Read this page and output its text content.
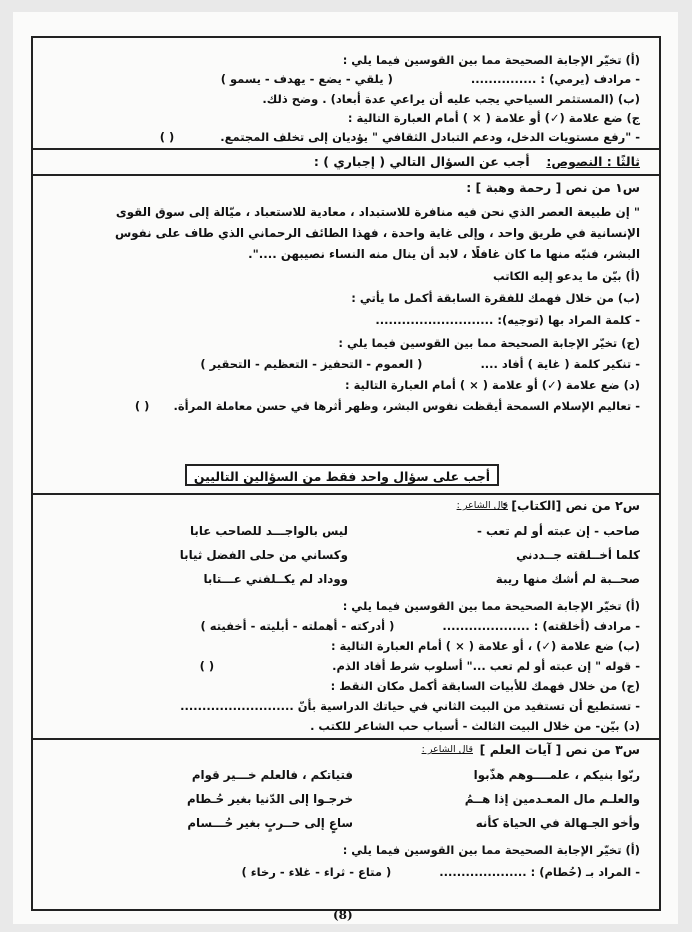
(أ) تخيّر الإجابة الصحيحة مما بين القوسين فيما يلي :
- مرادف (يرمي) : ...............  ( يلقي - يضع - يهدف - يسمو )
(ب) (المستثمر السياحي يجب عليه أن يراعي عدة أبعاد) . وضح ذلك.
ج) ضع علامة (✓) أو علامة ( × ) أمام العبارة التالية :
- "رفع مستويات الدخل، ودعم التبادل الثقافي " يؤديان إلى تخلف المجتمع.  ( )
ثالثًا : النصوص:  أجب عن السؤال التالي ( إجباري ) :
س١ من نص [ رحمة وهبة ] :
" إن طبيعة العصر الذي نحن فيه منافرة للاستبداد ، معادية للاستعباد ، ميّالة إلى سوق القوى
الإنسانية في طريق واحد ، وإلى غاية واحدة ، فهذا الطائف الرحماني الذي طاف على نفوس
البشر، فنبّه منها ما كان غافلًا ، لابد أن ينال منه النساء نصيبهن ....".
(أ) بيّن ما يدعو إليه الكاتب
(ب) من خلال فهمك للفقرة السابقة أكمل ما يأتي :
- كلمة المراد بها (توجيه): ...........................
(ج) تخيّر الإجابة الصحيحة مما بين القوسين فيما يلي :
- تنكير كلمة ( غاية ) أفاد ....  ( العموم - التحفيز - التعظيم - التحقير )
(د) ضع علامة (✓) أو علامة ( × ) أمام العبارة التالية :
- تعاليم الإسلام السمحة أيقظت نفوس البشر، وظهر أثرها في حسن معاملة المرأة.  ( )
أجب على سؤال واحد فقط من السؤالين التاليين
س٢ من نص [الكتاب] :
قال الشاعر :
صاحب - إن عبته أو لم تعب -
ليس بالواجـــد للصاحب عابا
كلما أخــلقته جــددني
وكساني من حلى الفضل ثيابا
صحــبة لم أشك منها ريبة
ووداد لم يكــلفني عـــتابا
(أ) تخيّر الإجابة الصحيحة مما بين القوسين فيما يلي :
- مرادف (أخلقته) : ....................  ( أدركته - أهملته - أبليته - أخفيته )
(ب) ضع علامة (✓) ، أو علامة ( × ) أمام العبارة التالية :
- قوله " إن عبته أو لم تعب ..." أسلوب شرط أفاد الذم.  ( )
(ج) من خلال فهمك للأبيات السابقة أكمل مكان النقط :
- تستطيع أن تستفيد من البيت الثاني في حياتك الدراسية بأنّ ..........................
(د) بيّن- من خلال البيت الثالث - أسباب حب الشاعر للكتب .
س٣ من نص [ آيات العلم ]
قال الشاعر :
ربّوا بنيكم ، علمــــوهم هذّبوا
فتياتكم ، فالعلم خـــير قوام
والعلـم مال المعـدمين إذا هــمُ
خرجـوا إلى الدّنيا بغير حُـطام
وأخو الجـهالة في الحياة كأنه
ساعٍ إلى حــربٍ بغير حُـــسام
(أ) تخيّر الإجابة الصحيحة مما بين القوسين فيما يلي :
- المراد بـ (حُطام) : ....................  ( متاع - ثراء - غلاء - رخاء )
(8)
